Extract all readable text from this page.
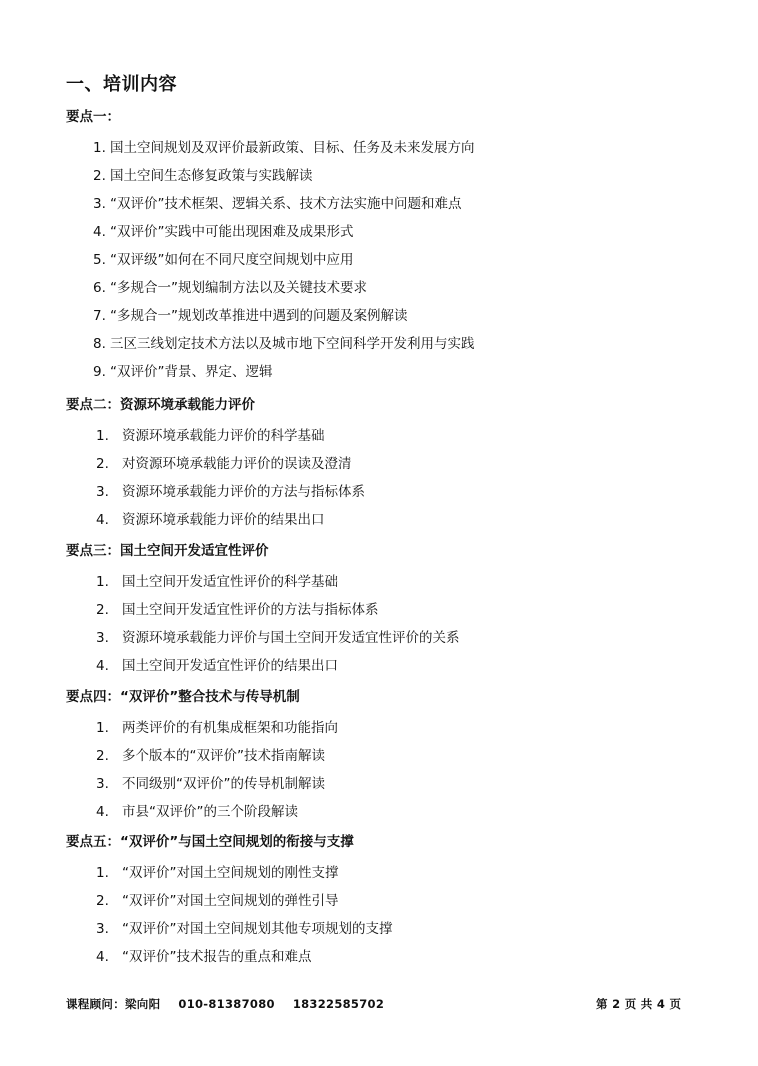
一、培训内容
要点一：
1. 国土空间规划及双评价最新政策、目标、任务及未来发展方向
2. 国土空间生态修复政策与实践解读
3. “双评价”技术框架、逻辑关系、技术方法实施中问题和难点
4. “双评价”实践中可能出现困难及成果形式
5. “双评级”如何在不同尺度空间规划中应用
6. “多规合一”规划编制方法以及关键技术要求
7. “多规合一”规划改革推进中遇到的问题及案例解读
8. 三区三线划定技术方法以及城市地下空间科学开发利用与实践
9. “双评价”背景、界定、逻辑
要点二：资源环境承载能力评价
1. 资源环境承载能力评价的科学基础
2. 对资源环境承载能力评价的误读及澄清
3. 资源环境承载能力评价的方法与指标体系
4. 资源环境承载能力评价的结果出口
要点三：国土空间开发适宜性评价
1. 国土空间开发适宜性评价的科学基础
2. 国土空间开发适宜性评价的方法与指标体系
3. 资源环境承载能力评价与国土空间开发适宜性评价的关系
4. 国土空间开发适宜性评价的结果出口
要点四：“双评价”整合技术与传导机制
1. 两类评价的有机集成框架和功能指向
2. 多个版本的“双评价”技术指南解读
3. 不同级别“双评价”的传导机制解读
4. 市县“双评价”的三个阶段解读
要点五：“双评价”与国土空间规划的衔接与支撑
1. “双评价”对国土空间规划的刚性支撑
2. “双评价”对国土空间规划的弹性引导
3. “双评价”对国土空间规划其他专项规划的支撑
4. “双评价”技术报告的重点和难点
课程顾问：梁向阳 010-81387080 18322585702	第 2 页 共 4 页
